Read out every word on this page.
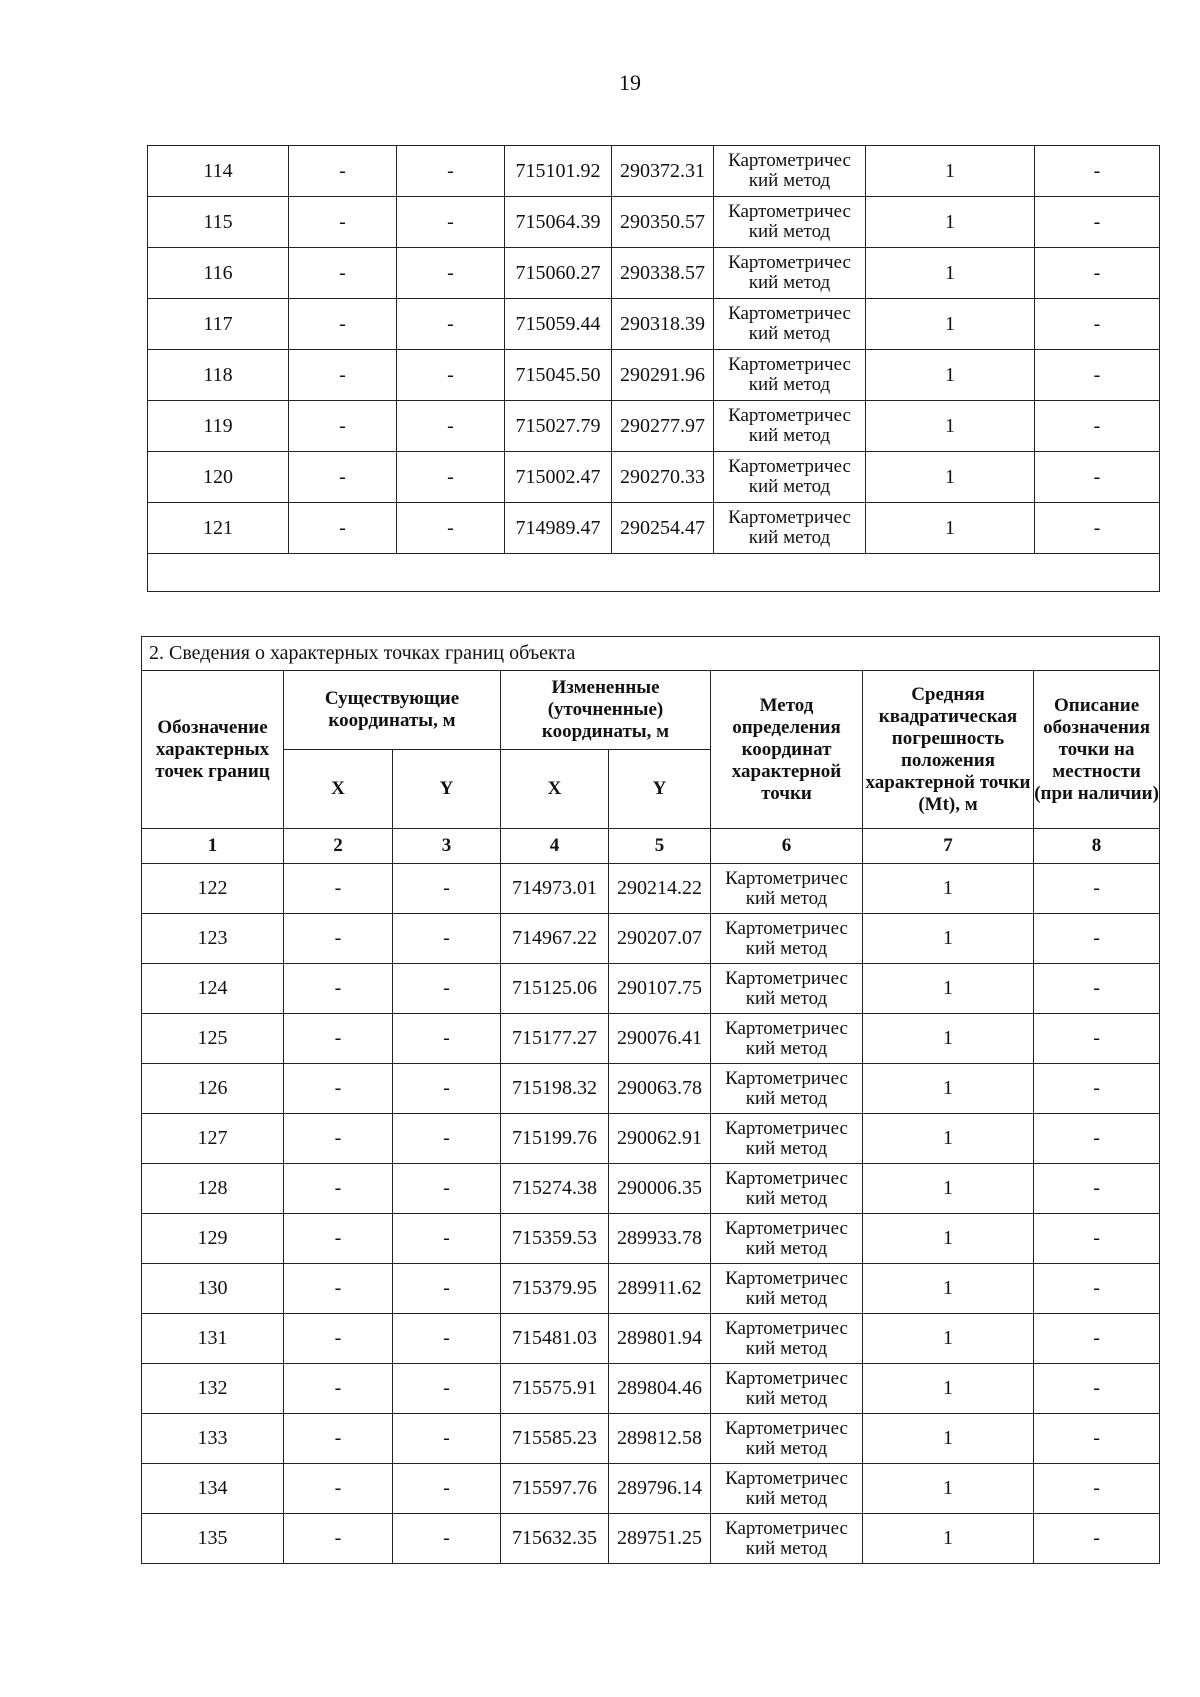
19
114	-	-	715101.92	290372.31	Картометричес кий метод	1	-
115	-	-	715064.39	290350.57	Картометричес кий метод	1	-
116	-	-	715060.27	290338.57	Картометричес кий метод	1	-
117	-	-	715059.44	290318.39	Картометричес кий метод	1	-
118	-	-	715045.50	290291.96	Картометричес кий метод	1	-
119	-	-	715027.79	290277.97	Картометричес кий метод	1	-
120	-	-	715002.47	290270.33	Картометричес кий метод	1	-
121	-	-	714989.47	290254.47	Картометричес кий метод	1	-

2. Сведения о характерных точках границ объекта							
Обозначение характерных точек границ	Существующие координаты, м		Измененные (уточненные) координаты, м		Метод определения координат характерной точки	Средняя квадратическая погрешность положения характерной точки (Mt), м	Описание обозначения точки на местности (при наличии)
	X	Y	X	Y			
1	2	3	4	5	6	7	8
122	-	-	714973.01	290214.22	Картометричес кий метод	1	-
123	-	-	714967.22	290207.07	Картометричес кий метод	1	-
124	-	-	715125.06	290107.75	Картометричес кий метод	1	-
125	-	-	715177.27	290076.41	Картометричес кий метод	1	-
126	-	-	715198.32	290063.78	Картометричес кий метод	1	-
127	-	-	715199.76	290062.91	Картометричес кий метод	1	-
128	-	-	715274.38	290006.35	Картометричес кий метод	1	-
129	-	-	715359.53	289933.78	Картометричес кий метод	1	-
130	-	-	715379.95	289911.62	Картометричес кий метод	1	-
131	-	-	715481.03	289801.94	Картометричес кий метод	1	-
132	-	-	715575.91	289804.46	Картометричес кий метод	1	-
133	-	-	715585.23	289812.58	Картометричес кий метод	1	-
134	-	-	715597.76	289796.14	Картометричес кий метод	1	-
135	-	-	715632.35	289751.25	Картометричес кий метод	1	-
